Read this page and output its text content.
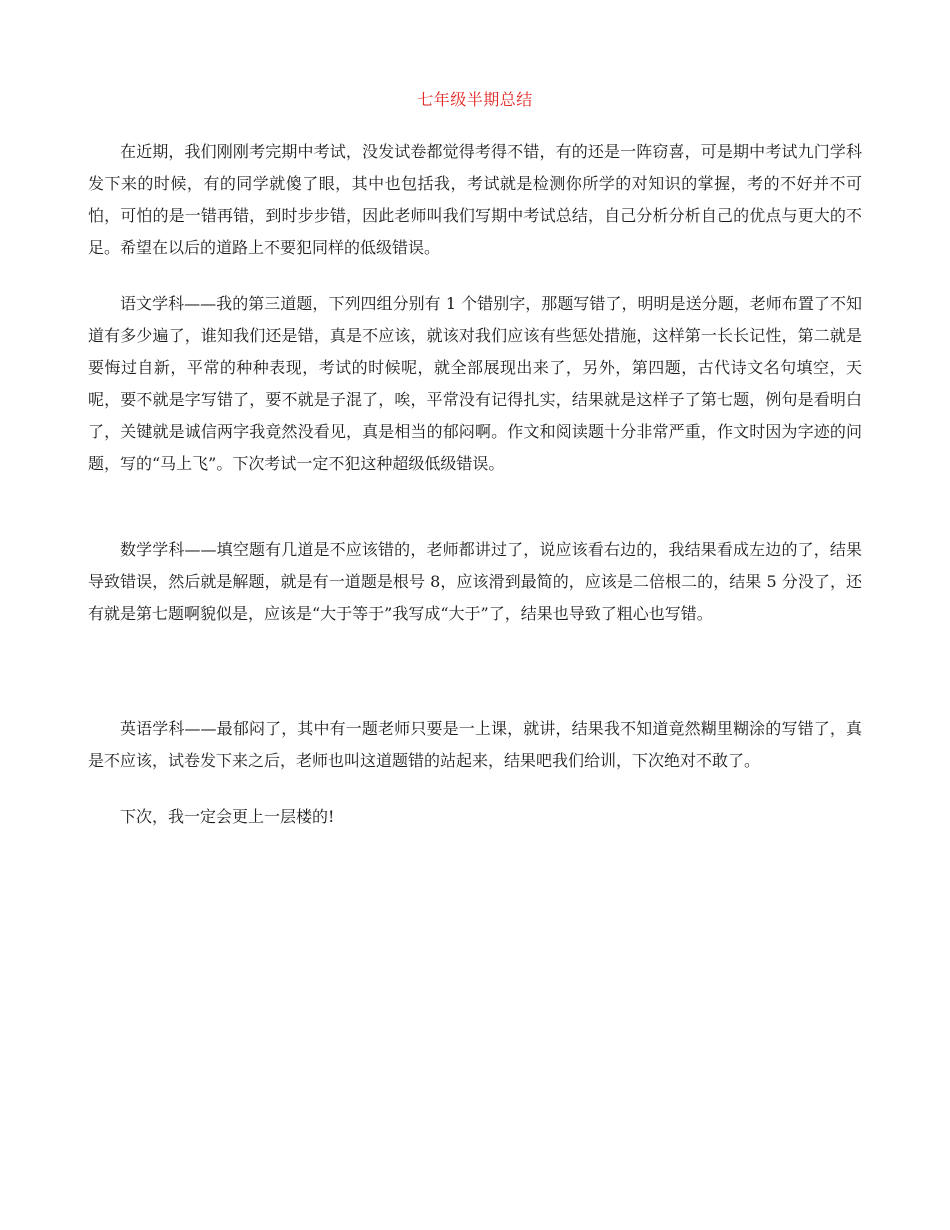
七年级半期总结

在近期，我们刚刚考完期中考试，没发试卷都觉得考得不错，有的还是一阵窃喜，可是期中考试九门学科发下来的时候，有的同学就傻了眼，其中也包括我，考试就是检测你所学的对知识的掌握，考的不好并不可怕，可怕的是一错再错，到时步步错，因此老师叫我们写期中考试总结，自己分析分析自己的优点与更大的不足。希望在以后的道路上不要犯同样的低级错误。

语文学科——我的第三道题，下列四组分别有 1 个错别字，那题写错了，明明是送分题，老师布置了不知道有多少遍了，谁知我们还是错，真是不应该，就该对我们应该有些惩处措施，这样第一长长记性，第二就是要悔过自新，平常的种种表现，考试的时候呢，就全部展现出来了，另外，第四题，古代诗文名句填空，天呢，要不就是字写错了，要不就是子混了，唉，平常没有记得扎实，结果就是这样子了第七题，例句是看明白了，关键就是诚信两字我竟然没看见，真是相当的郁闷啊。作文和阅读题十分非常严重，作文时因为字迹的问题，写的“马上飞”。下次考试一定不犯这种超级低级错误。

数学学科——填空题有几道是不应该错的，老师都讲过了，说应该看右边的，我结果看成左边的了，结果导致错误，然后就是解题，就是有一道题是根号 8，应该滑到最简的，应该是二倍根二的，结果 5 分没了，还有就是第七题啊貌似是，应该是“大于等于”我写成“大于”了，结果也导致了粗心也写错。

英语学科——最郁闷了，其中有一题老师只要是一上课，就讲，结果我不知道竟然糊里糊涂的写错了，真是不应该，试卷发下来之后，老师也叫这道题错的站起来，结果吧我们给训，下次绝对不敢了。

下次，我一定会更上一层楼的!
